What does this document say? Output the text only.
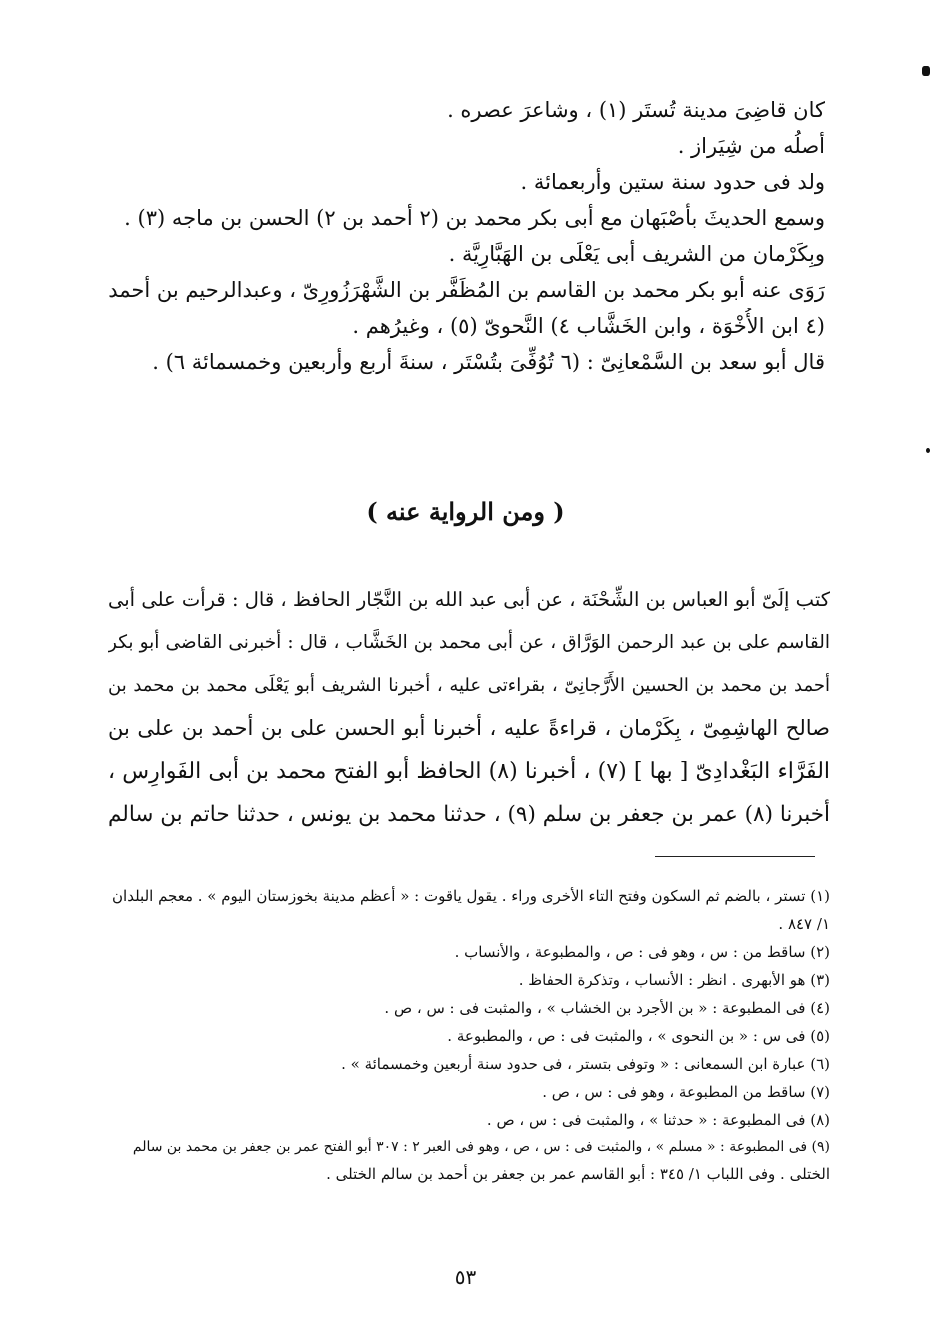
كان قاضِىَ مدينة تُستَر (١) ، وشاعرَ عصره .
أصلُه من شِيَراز .
ولد فى حدود سنة ستين وأربعمائة .
وسمع الحديثَ بأصْبَهان مع أبى بكر محمد بن (٢ أحمد بن ٢) الحسن بن ماجه (٣) .
وبِكَرْمان من الشريف أبى يَعْلَى بن الهَبَّارِيَّة .
رَوَى عنه أبو بكر محمد بن القاسم بن المُظَفَّر بن الشَّهْرَزُورِىّ ، وعبدالرحيم بن أحمد
(٤ ابن الأُخْوَة ، وابن الخَشَّاب ٤) النَّحوىّ (٥) ، وغيرُهم .
قال أبو سعد بن السَّمْعانِىّ : (٦ تُوُفِّىَ بتُسْتَر ، سنةَ أربع وأربعين وخمسمائة ٦) .
( ومن الرواية عنه )
كتب إلَىّ أبو العباس بن الشِّحْنَة ، عن أبى عبد الله بن النَّجّار الحافظ ، قال : قرأت على أبى
القاسم على بن عبد الرحمن الوَرَّاق ، عن أبى محمد بن الخَشَّاب ، قال : أخبرنى القاضى أبو بكر
أحمد بن محمد بن الحسين الأَرَّجانِىّ ، بقراءتى عليه ، أخبرنا الشريف أبو يَعْلَى محمد بن محمد بن
صالح الهاشِمِىّ ، بِكَرْمان ، قراءةً عليه ، أخبرنا أبو الحسن على بن أحمد بن على بن
الفَرَّاء البَغْدادِىّ [ بها ] (٧) ، أخبرنا (٨) الحافظ أبو الفتح محمد بن أبى الفَوارِس ،
أخبرنا (٨) عمر بن جعفر بن سلم (٩) ، حدثنا محمد بن يونس ، حدثنا حاتم بن سالم
(١) تستر ، بالضم ثم السكون وفتح التاء الأخرى وراء . يقول ياقوت : « أعظم مدينة بخوزستان اليوم » . معجم البلدان
١/ ٨٤٧ .
(٢) ساقط من : س ، وهو فى : ص ، والمطبوعة ، والأنساب .
(٣) هو الأبهرى . انظر : الأنساب ، وتذكرة الحفاظ .
(٤) فى المطبوعة : « بن الأجرد بن الخشاب » ، والمثبت فى : س ، ص .
(٥) فى س : « بن النحوى » ، والمثبت فى : ص ، والمطبوعة .
(٦) عبارة ابن السمعانى : « وتوفى بتستر ، فى حدود سنة أربعين وخمسمائة » .
(٧) ساقط من المطبوعة ، وهو فى : س ، ص .
(٨) فى المطبوعة : « حدثنا » ، والمثبت فى : س ، ص .
(٩) فى المطبوعة : « مسلم » ، والمثبت فى : س ، ص ، وهو فى العبر ٢ : ٣٠٧ أبو الفتح عمر بن جعفر بن محمد بن سالم
الختلى . وفى اللباب ١/ ٣٤٥ : أبو القاسم عمر بن جعفر بن أحمد بن سالم الختلى .
٥٣
